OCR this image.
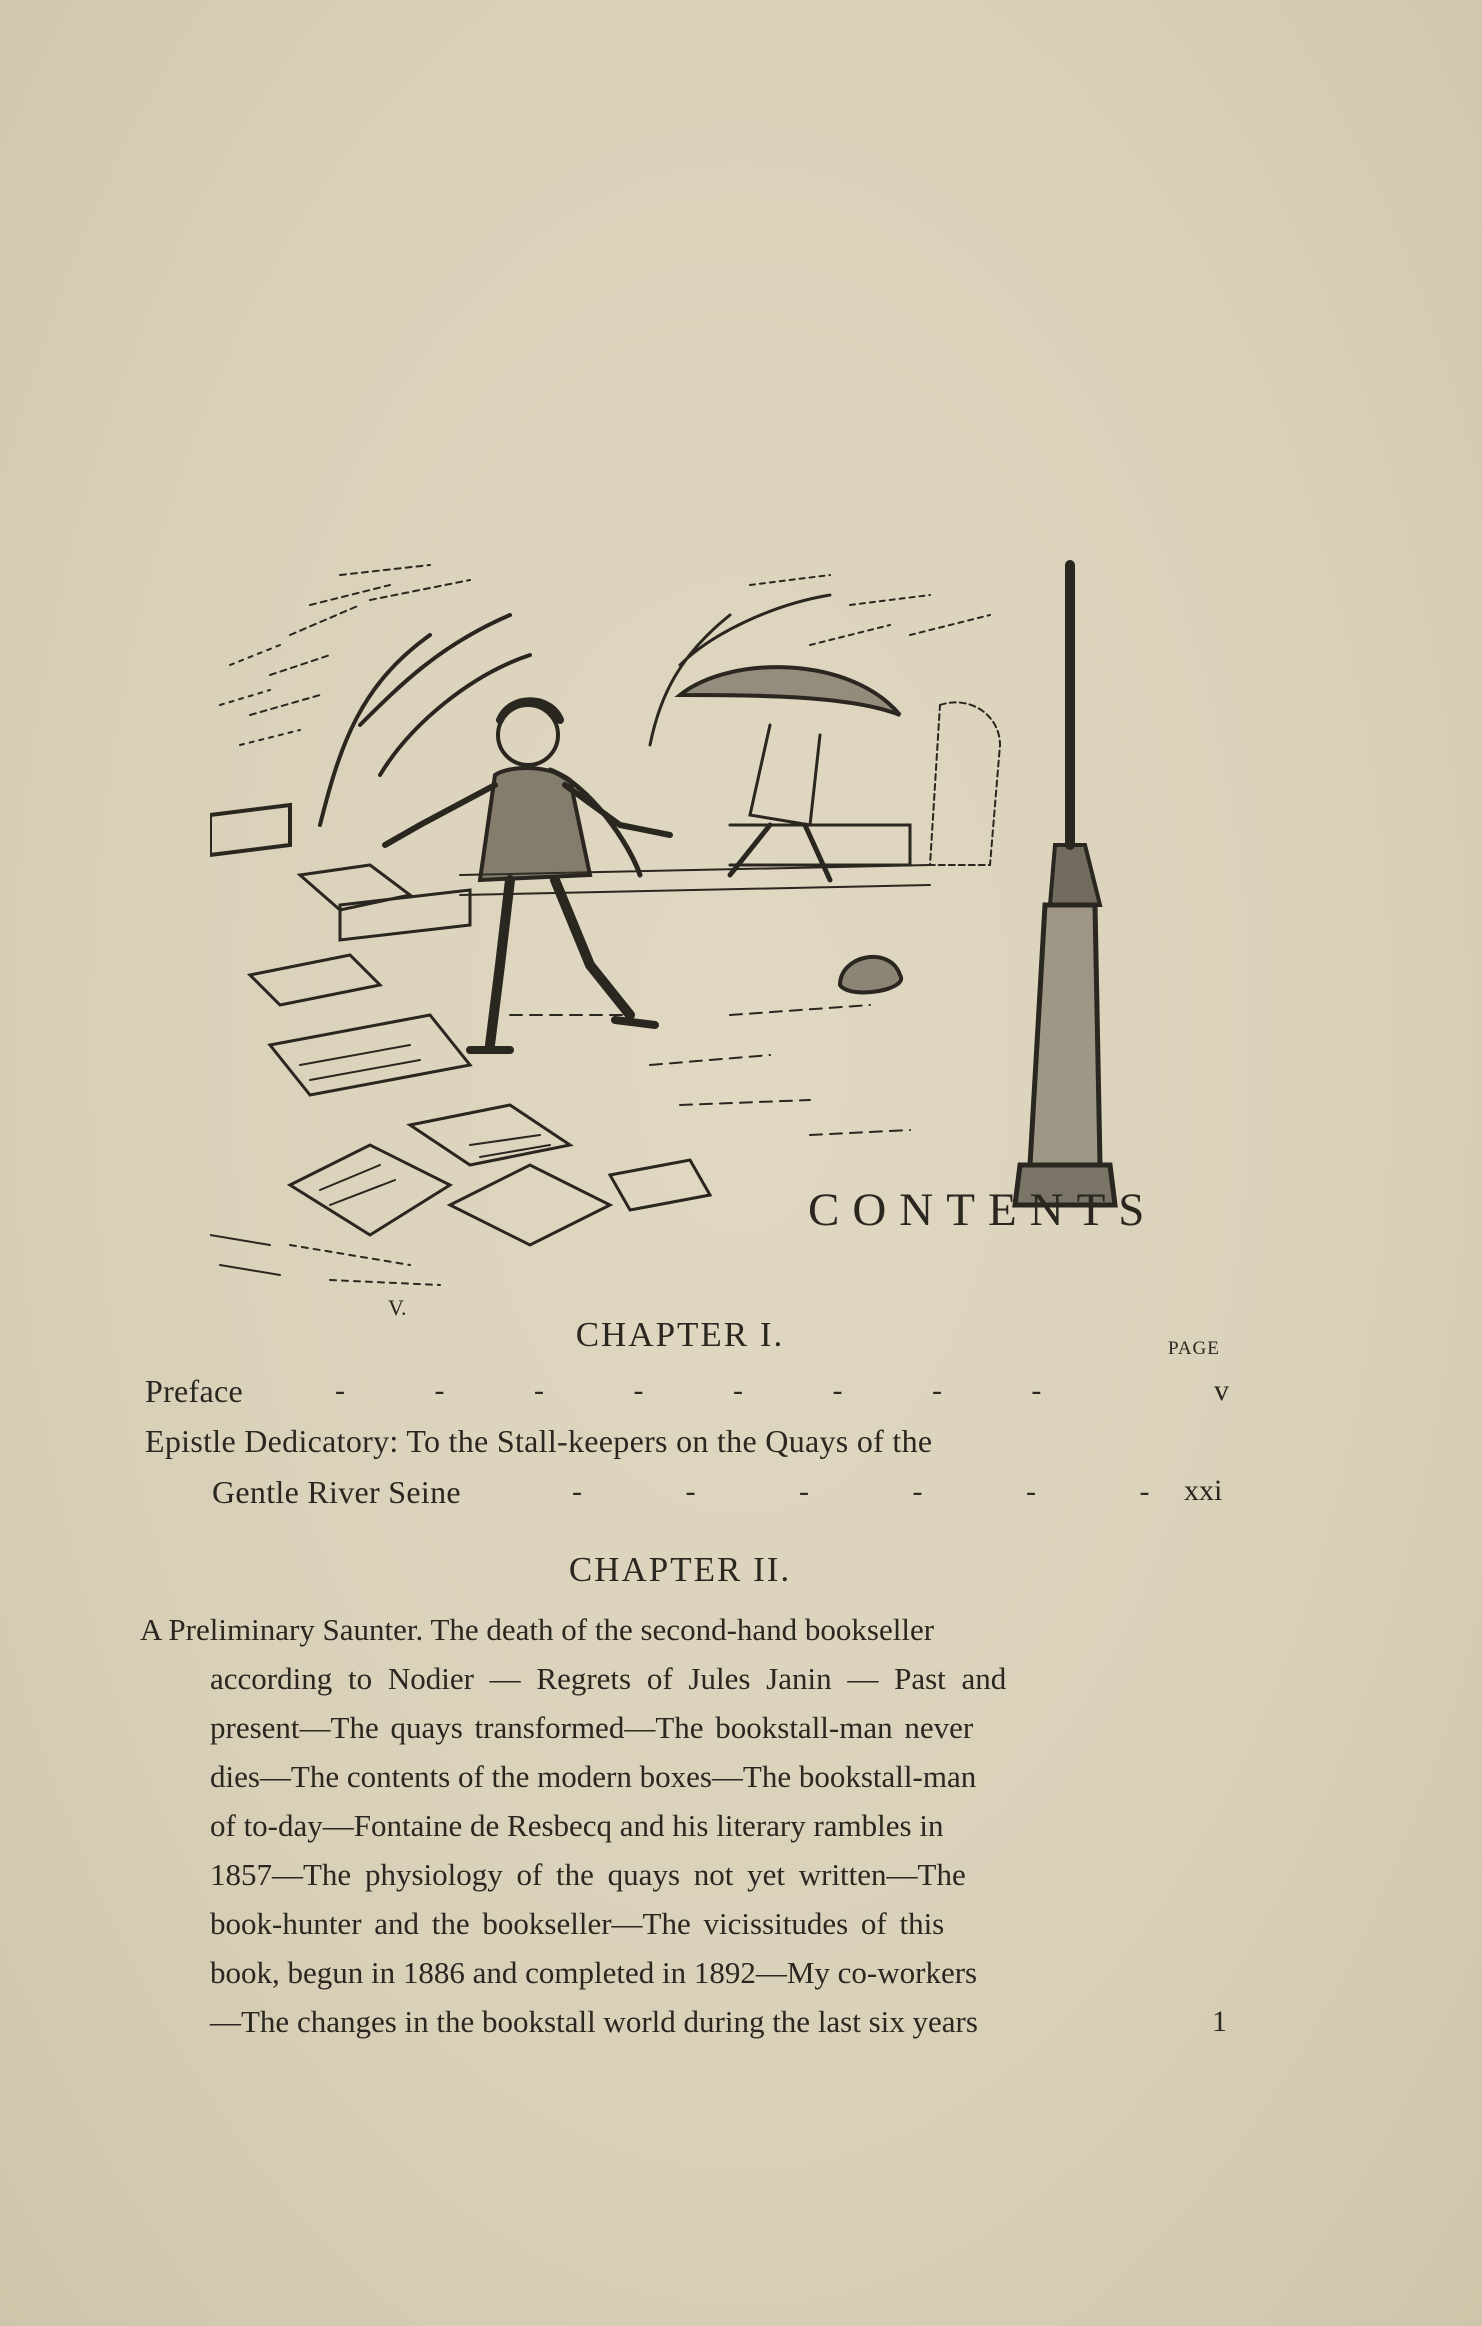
V.
CONTENTS
CHAPTER I.	PAGE
Preface	- - - - - - - -	v
Epistle Dedicatory: To the Stall-keepers on the Quays of the
Gentle River Seine	- - - - - - xxi
CHAPTER II.
A Preliminary Saunter. The death of the second-hand bookseller
according to Nodier — Regrets of Jules Janin — Past and
present—The quays transformed—The bookstall-man never
dies—The contents of the modern boxes—The bookstall-man
of to-day—Fontaine de Resbecq and his literary rambles in
1857—The physiology of the quays not yet written—The
book-hunter and the bookseller—The vicissitudes of this
book, begun in 1886 and completed in 1892—My co-workers
—The changes in the bookstall world during the last six years	1
